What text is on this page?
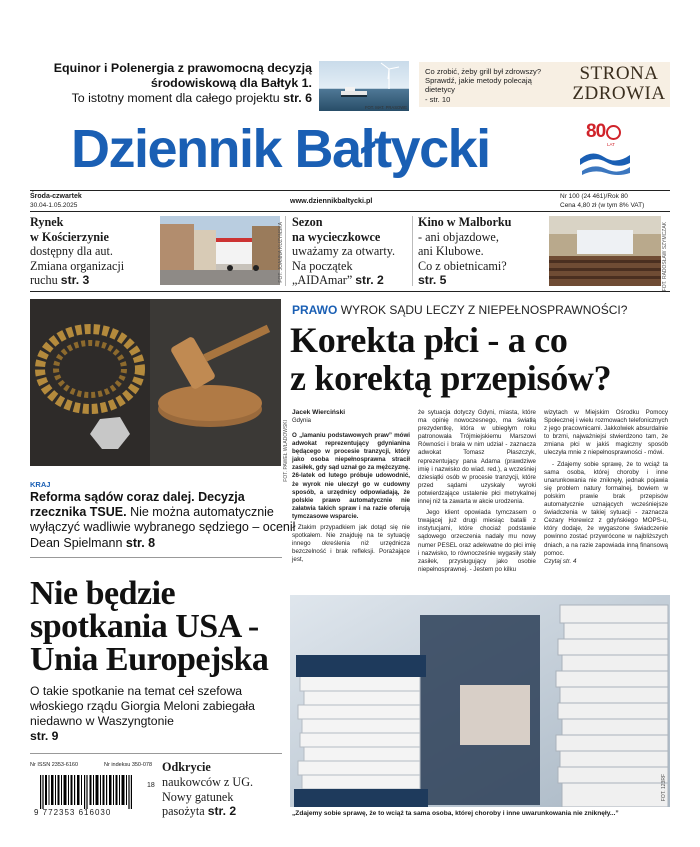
Equinor i Polenergia z prawomocną decyzją
środowiskową dla Bałtyk 1.
To istotny moment dla całego projektu str. 6
FOT. MAT. PRASOWE
Co zrobić, żeby grill był zdrowszy?
Sprawdź, jakie metody polecają
dietetycy
- str. 10
STRONA
ZDROWIA
Dziennik Bałtycki	80
LAT
Środa-czwartek
30.04-1.05.2025
www.dziennikbaltycki.pl	Nr 100 (24 461)/Rok 80
Cena 4,80 zł (w tym 8% VAT)
Rynek
w Kościerzynie
dostępny dla aut.
Zmiana organizacji
ruchu str. 3
Sezon
na wycieczkowce
uważamy za otwarty.
Na początek
„AIDAmar” str. 2
FOT. JOANNA KUZYNSKA	Kino w Malborku
- ani objazdowe,
ani Klubowe.
Co z obietnicami?
str. 5	FOT. RADOSŁAW SZYMCZAK
FOT. PAWEŁ WŁADOWSKI
KRAJ
Reforma sądów coraz dalej. Decyzja
rzecznika TSUE. Nie można automatycznie
wyłączyć wadliwie wybranego sędziego – ocenił
Dean Spielmann str. 8
Nie będzie
spotkania USA -
Unia Europejska
O takie spotkanie na temat ceł szefowa
włoskiego rządu Giorgia Meloni zabiegała
niedawno w Waszyngtonie
str. 9
Nr ISSN 2353-6160	Nr indeksu 350-078
9 772353 616030
18
Odkrycie
naukowców z UG.
Nowy gatunek
pasożyta str. 2
PRAWO WYROK SĄDU LECZY Z NIEPEŁNOSPRAWNOŚCI?
Korekta płci - a co
z korektą przepisów?
Jacek Wierciński
Gdynia

O „lamaniu podstawowych praw” mówi adwokat reprezentujący gdynianina będącego w procesie tranzycji, który jako osoba niepełnosprawna stracił zasiłek, gdy sąd uznał go za mężczyznę. 26-latek od lutego próbuje udowodnić, że wyrok nie uleczył go w cudowny sposób, a urzędnicy odpowiadają, że polskie prawo automatycznie nie załatwia takich spraw i na razie oferują tymczasowe wsparcie.

- Ztakim przypadkiem jak dotąd się nie spotkałem. Nie znajduję na te sytuację innego określenia niż urzędnicza bezczelność i brak refleksji. Porażające jest,

że sytuacja dotyczy Gdyni, miasta, które ma opinię nowoczesnego, ma światłą prezydentkę, która w ubiegłym roku patronowała Trójmiejskiemu Marszowi Równości i brała w nim udział - zaznacza adwokat Tomasz Płaszczyk, reprezentujący pana Adama (prawdziwe imię i nazwisko do wiad. red.), a wcześniej dziesiątki osób w procesie tranzycji, które przed sądami uzyskały wyroki potwierdzające ustalenie płci metrykalnej innej niż ta zawarta w akcie urodzenia.

Jego klient opowiada tymczasem o trwającej już drugi miesiąc batalii z instytucjami, które chociaż podstawie sądowego orzeczenia nadały mu nowy numer PESEL oraz adekwatne do płci imię i nazwisko, to równocześnie wygasiły stały zasiłek, przysługujący jako osobie niepełnosprawnej. - Jestem po kilku

wizytach w Miejskim Ośrodku Pomocy Społecznej i wielu rozmowach telefonicznych z jego pracownicami. Jakkolwiek absurdalnie to brzmi, najważniejsi stwierdzono tam, że zmiana płci w jakiś magiczny sposób uleczyła mnie z niepełnosprawności - mówi.

- Zdajemy sobie sprawę, że to wciąż ta sama osoba, której choroby i inne unarunkowania nie zniknęły, jednak pojawia się problem natury formalnej, bowiem w polskim prawie brak przepisów automatycznie uznających wcześniejsze świadczenia w takiej sytuacji - zaznacza Cezary Horewicz z gdyńskiego MOPS-u, który dodaje, że wygaszone świadczenie powinno zostać przywrócone w najbliższych dniach, a na razie zapowiada inną finansową pomoc.

Czytaj str. 4

FOT. 123RF
„Zdajemy sobie sprawę, że to wciąż ta sama osoba, której choroby i inne uwarunkowania nie zniknęły...”
